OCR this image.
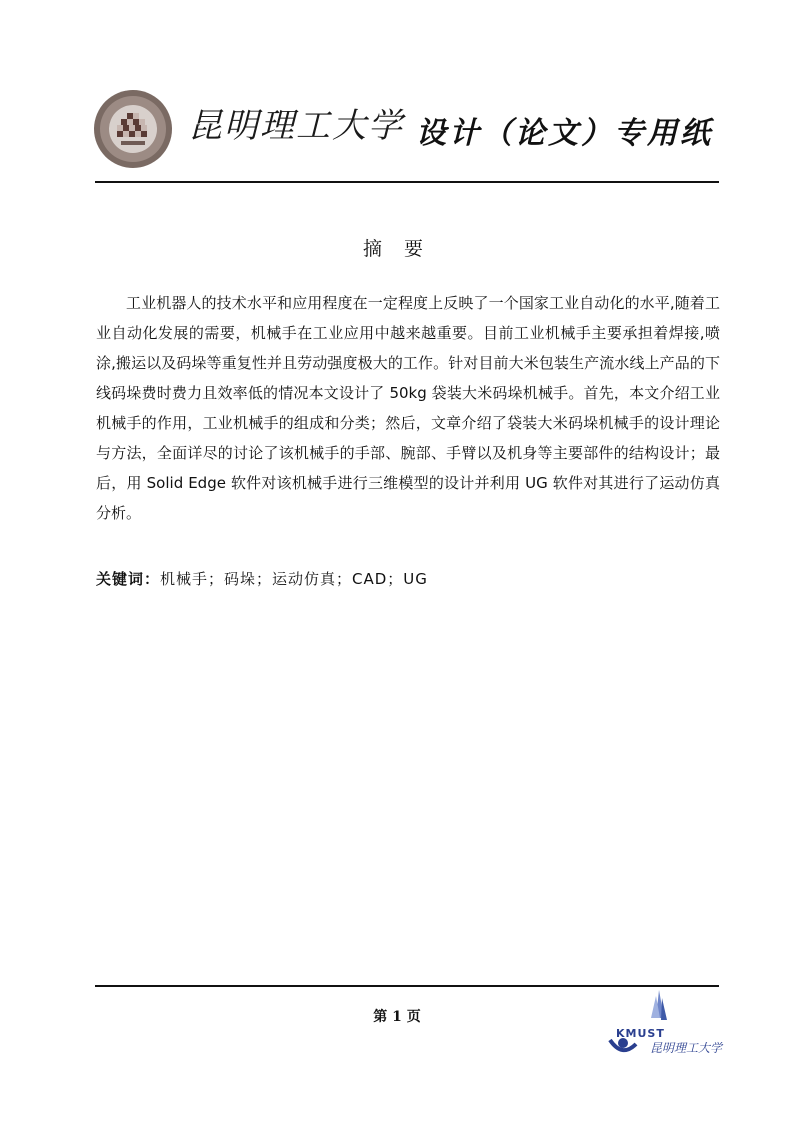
昆明理工大学 设计（论文）专用纸
摘 要

工业机器人的技术水平和应用程度在一定程度上反映了一个国家工业自动化的水平,随着工业自动化发展的需要，机械手在工业应用中越来越重要。目前工业机械手主要承担着焊接,喷涂,搬运以及码垛等重复性并且劳动强度极大的工作。针对目前大米包装生产流水线上产品的下线码垛费时费力且效率低的情况本文设计了 50kg 袋装大米码垛机械手。首先，本文介绍工业机械手的作用，工业机械手的组成和分类；然后，文章介绍了袋装大米码垛机械手的设计理论与方法，全面详尽的讨论了该机械手的手部、腕部、手臂以及机身等主要部件的结构设计；最后，用 Solid Edge 软件对该机械手进行三维模型的设计并利用 UG 软件对其进行了运动仿真分析。

关键词：机械手；码垛；运动仿真；CAD；UG
第 1 页
KMUST
昆明理工大学
